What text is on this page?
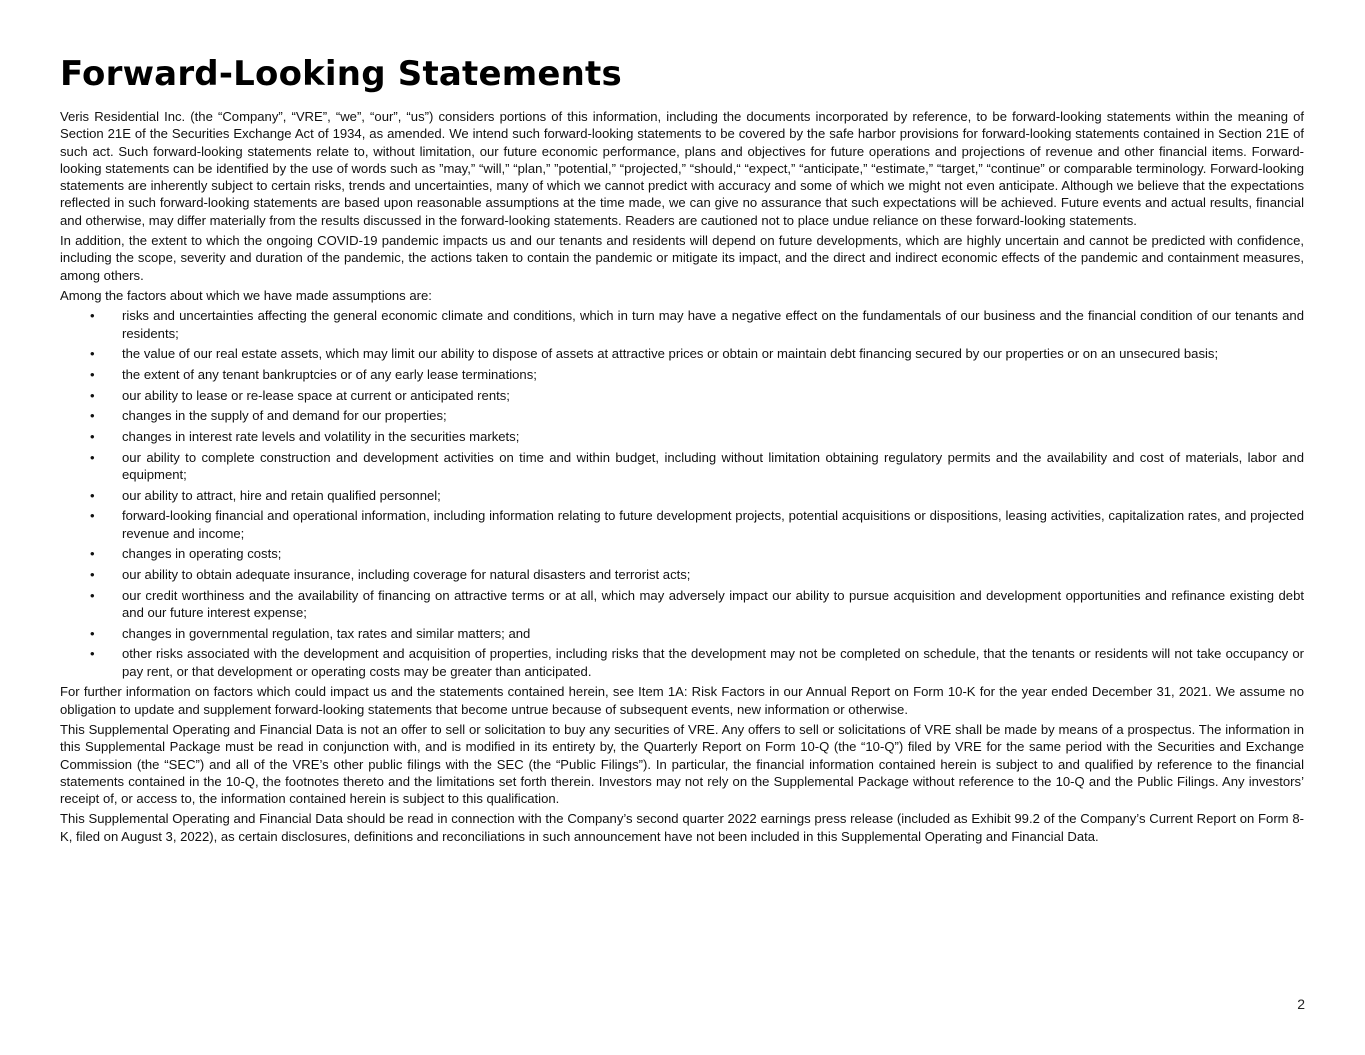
Forward-Looking Statements

Veris Residential Inc. (the “Company”, “VRE”, “we”, “our”, “us”) considers portions of this information, including the documents incorporated by reference, to be forward-looking statements within the meaning of Section 21E of the Securities Exchange Act of 1934, as amended. We intend such forward-looking statements to be covered by the safe harbor provisions for forward-looking statements contained in Section 21E of such act. Such forward-looking statements relate to, without limitation, our future economic performance, plans and objectives for future operations and projections of revenue and other financial items. Forward-looking statements can be identified by the use of words such as ”may,” “will,” “plan,” ”potential,” “projected,” “should,“ “expect,” “anticipate,” “estimate,” “target,” “continue” or comparable terminology. Forward-looking statements are inherently subject to certain risks, trends and uncertainties, many of which we cannot predict with accuracy and some of which we might not even anticipate. Although we believe that the expectations reflected in such forward-looking statements are based upon reasonable assumptions at the time made, we can give no assurance that such expectations will be achieved. Future events and actual results, financial and otherwise, may differ materially from the results discussed in the forward-looking statements. Readers are cautioned not to place undue reliance on these forward-looking statements.

In addition, the extent to which the ongoing COVID-19 pandemic impacts us and our tenants and residents will depend on future developments, which are highly uncertain and cannot be predicted with confidence, including the scope, severity and duration of the pandemic, the actions taken to contain the pandemic or mitigate its impact, and the direct and indirect economic effects of the pandemic and containment measures, among others.

Among the factors about which we have made assumptions are:

• risks and uncertainties affecting the general economic climate and conditions, which in turn may have a negative effect on the fundamentals of our business and the financial condition of our tenants and residents;
• the value of our real estate assets, which may limit our ability to dispose of assets at attractive prices or obtain or maintain debt financing secured by our properties or on an unsecured basis;
• the extent of any tenant bankruptcies or of any early lease terminations;
• our ability to lease or re-lease space at current or anticipated rents;
• changes in the supply of and demand for our properties;
• changes in interest rate levels and volatility in the securities markets;
• our ability to complete construction and development activities on time and within budget, including without limitation obtaining regulatory permits and the availability and cost of materials, labor and equipment;
• our ability to attract, hire and retain qualified personnel;
• forward-looking financial and operational information, including information relating to future development projects, potential acquisitions or dispositions, leasing activities, capitalization rates, and projected revenue and income;
• changes in operating costs;
• our ability to obtain adequate insurance, including coverage for natural disasters and terrorist acts;
• our credit worthiness and the availability of financing on attractive terms or at all, which may adversely impact our ability to pursue acquisition and development opportunities and refinance existing debt and our future interest expense;
• changes in governmental regulation, tax rates and similar matters; and
• other risks associated with the development and acquisition of properties, including risks that the development may not be completed on schedule, that the tenants or residents will not take occupancy or pay rent, or that development or operating costs may be greater than anticipated.

For further information on factors which could impact us and the statements contained herein, see Item 1A: Risk Factors in our Annual Report on Form 10-K for the year ended December 31, 2021. We assume no obligation to update and supplement forward-looking statements that become untrue because of subsequent events, new information or otherwise.

This Supplemental Operating and Financial Data is not an offer to sell or solicitation to buy any securities of VRE. Any offers to sell or solicitations of VRE shall be made by means of a prospectus. The information in this Supplemental Package must be read in conjunction with, and is modified in its entirety by, the Quarterly Report on Form 10-Q (the “10-Q”) filed by VRE for the same period with the Securities and Exchange Commission (the “SEC”) and all of the VRE’s other public filings with the SEC (the “Public Filings”). In particular, the financial information contained herein is subject to and qualified by reference to the financial statements contained in the 10-Q, the footnotes thereto and the limitations set forth therein. Investors may not rely on the Supplemental Package without reference to the 10-Q and the Public Filings. Any investors’ receipt of, or access to, the information contained herein is subject to this qualification.

This Supplemental Operating and Financial Data should be read in connection with the Company’s second quarter 2022 earnings press release (included as Exhibit 99.2 of the Company’s Current Report on Form 8-K, filed on August 3, 2022), as certain disclosures, definitions and reconciliations in such announcement have not been included in this Supplemental Operating and Financial Data.

2
